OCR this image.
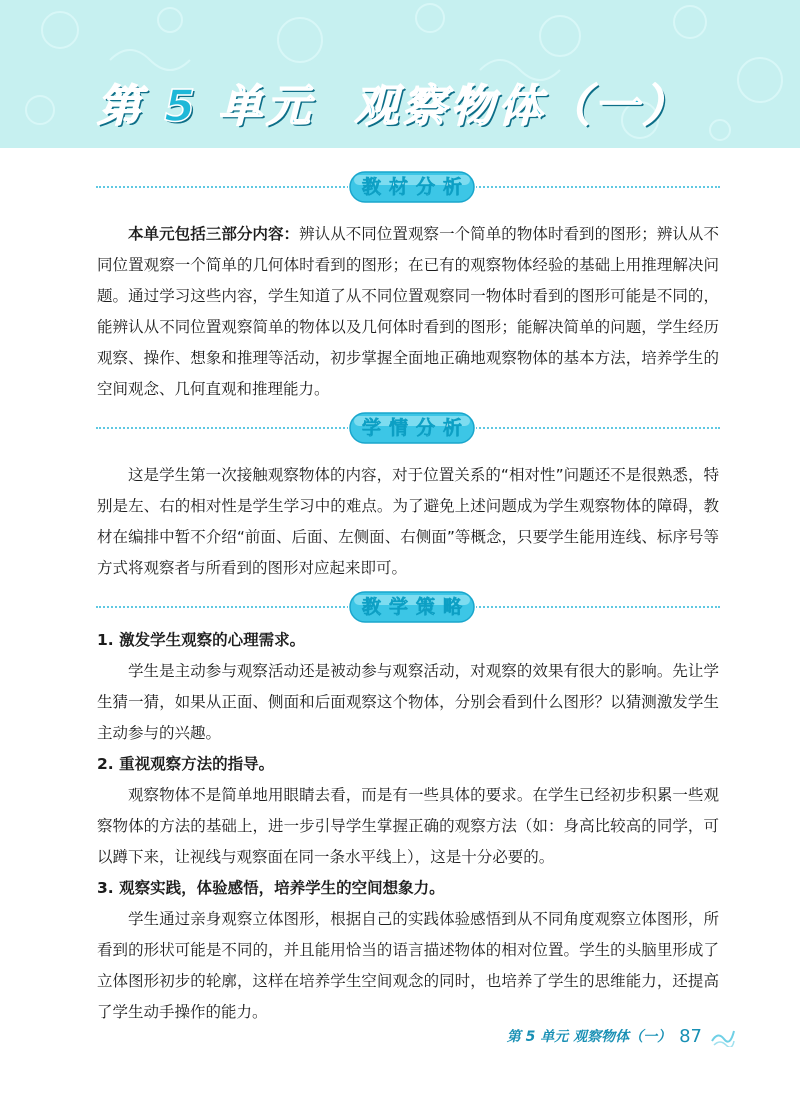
第 5 单元 观察物体（一）
教材分析
本单元包括三部分内容：辨认从不同位置观察一个简单的物体时看到的图形；辨认从不同位置观察一个简单的几何体时看到的图形；在已有的观察物体经验的基础上用推理解决问题。通过学习这些内容，学生知道了从不同位置观察同一物体时看到的图形可能是不同的，能辨认从不同位置观察简单的物体以及几何体时看到的图形；能解决简单的问题，学生经历观察、操作、想象和推理等活动，初步掌握全面地正确地观察物体的基本方法，培养学生的空间观念、几何直观和推理能力。
学情分析
这是学生第一次接触观察物体的内容，对于位置关系的“相对性”问题还不是很熟悉，特别是左、右的相对性是学生学习中的难点。为了避免上述问题成为学生观察物体的障碍，教材在编排中暂不介绍“前面、后面、左侧面、右侧面”等概念，只要学生能用连线、标序号等方式将观察者与所看到的图形对应起来即可。
教学策略
1. 激发学生观察的心理需求。
学生是主动参与观察活动还是被动参与观察活动，对观察的效果有很大的影响。先让学生猜一猜，如果从正面、侧面和后面观察这个物体，分别会看到什么图形？以猜测激发学生主动参与的兴趣。
2. 重视观察方法的指导。
观察物体不是简单地用眼睛去看，而是有一些具体的要求。在学生已经初步积累一些观察物体的方法的基础上，进一步引导学生掌握正确的观察方法（如：身高比较高的同学，可以蹲下来，让视线与观察面在同一条水平线上），这是十分必要的。
3. 观察实践，体验感悟，培养学生的空间想象力。
学生通过亲身观察立体图形，根据自己的实践体验感悟到从不同角度观察立体图形，所看到的形状可能是不同的，并且能用恰当的语言描述物体的相对位置。学生的头脑里形成了立体图形初步的轮廓，这样在培养学生空间观念的同时，也培养了学生的思维能力，还提高了学生动手操作的能力。
第 5 单元 观察物体（一） 87
